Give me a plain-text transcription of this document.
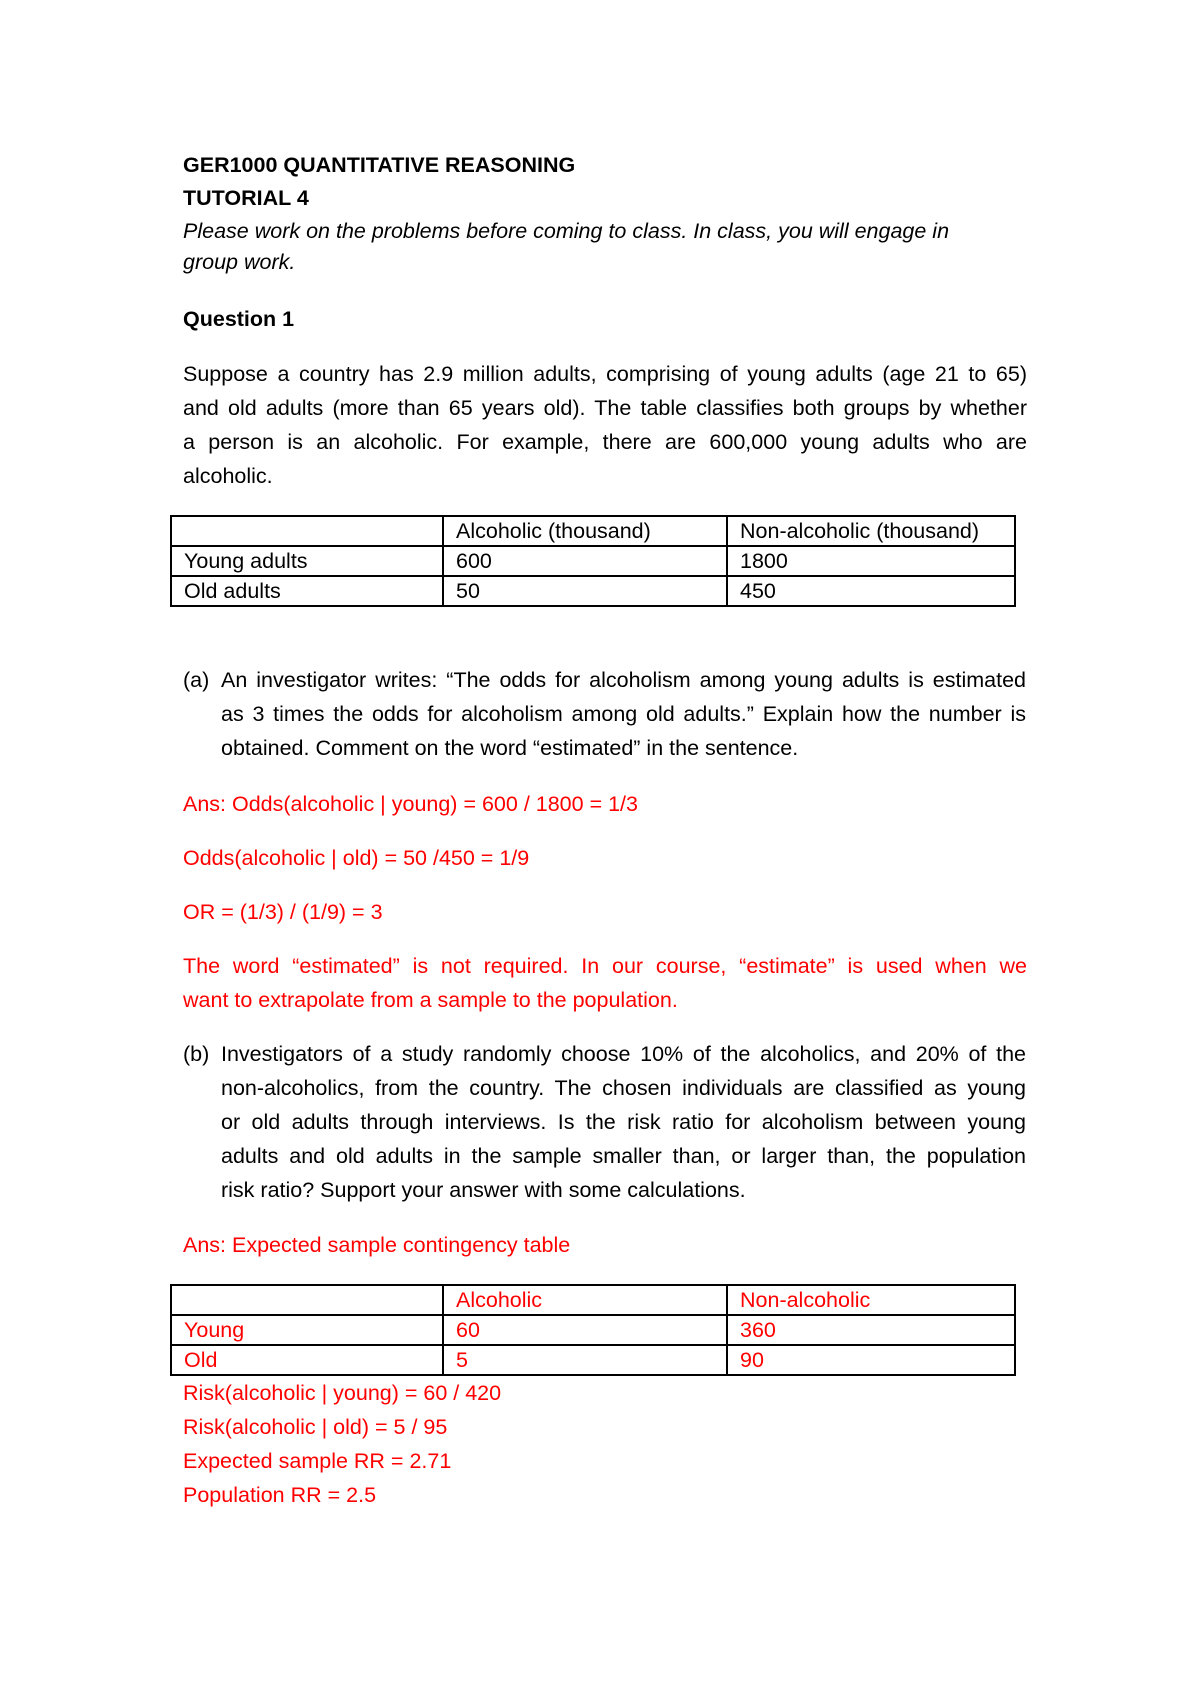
GER1000 QUANTITATIVE REASONING

TUTORIAL 4

Please work on the problems before coming to class. In class, you will engage in

group work.

Question 1

Suppose a country has 2.9 million adults, comprising of young adults (age 21 to 65)

and old adults (more than 65 years old). The table classifies both groups by whether

a person is an alcoholic. For example, there are 600,000 young adults who are

alcoholic.

	Alcoholic (thousand)	Non-alcoholic (thousand)
Young adults	600	1800
Old adults	50	450
(a) An investigator writes: “The odds for alcoholism among young adults is estimated

as 3 times the odds for alcoholism among old adults.” Explain how the number is

obtained. Comment on the word “estimated” in the sentence.

Ans: Odds(alcoholic | young) = 600 / 1800 = 1/3

Odds(alcoholic | old) = 50 /450 = 1/9

OR = (1/3) / (1/9) = 3

The word “estimated” is not required. In our course, “estimate” is used when we

want to extrapolate from a sample to the population.

(b) Investigators of a study randomly choose 10% of the alcoholics, and 20% of the

non-alcoholics, from the country. The chosen individuals are classified as young

or old adults through interviews. Is the risk ratio for alcoholism between young

adults and old adults in the sample smaller than, or larger than, the population

risk ratio? Support your answer with some calculations.

Ans: Expected sample contingency table

	Alcoholic	Non-alcoholic
Young	60	360
Old	5	90

Risk(alcoholic | young) = 60 / 420

Risk(alcoholic | old) = 5 / 95

Expected sample RR = 2.71

Population RR = 2.5
